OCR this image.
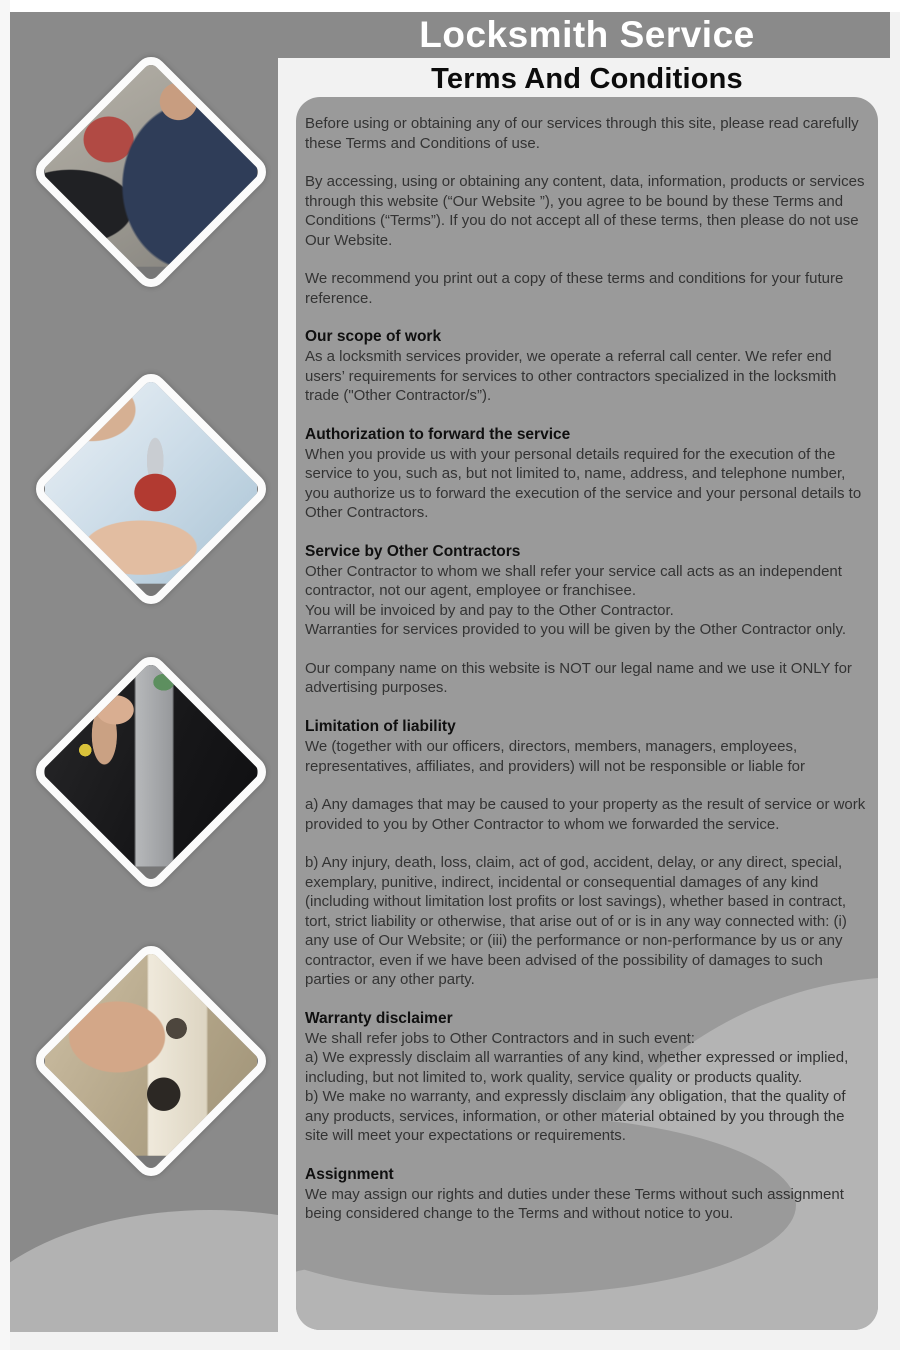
Locksmith Service
Terms And Conditions

Before using or obtaining any of our services through this site, please read carefully these Terms and Conditions of use.

By accessing, using or obtaining any content, data, information, products or services through this website (“Our Website ”), you agree to be bound by these Terms and Conditions (“Terms”). If you do not accept all of these terms, then please do not use Our Website.

We recommend you print out a copy of these terms and conditions for your future reference.

Our scope of work

As a locksmith services provider, we operate a referral call center. We refer end users’ requirements for services to other contractors specialized in the locksmith trade ("Other Contractor/s”).

Authorization to forward the service

When you provide us with your personal details required for the execution of the service to you, such as, but not limited to, name, address, and telephone number, you authorize us to forward the execution of the service and your personal details to Other Contractors.

Service by Other Contractors

Other Contractor to whom we shall refer your service call acts as an independent contractor, not our agent, employee or franchisee.

You will be invoiced by and pay to the Other Contractor.

Warranties for services provided to you will be given by the Other Contractor only.

Our company name on this website is NOT our legal name and we use it ONLY for advertising purposes.

Limitation of liability

We (together with our officers, directors, members, managers, employees, representatives, affiliates, and providers) will not be responsible or liable for

a) Any damages that may be caused to your property as the result of service or work provided to you by Other Contractor to whom we forwarded the service.

b) Any injury, death, loss, claim, act of god, accident, delay, or any direct, special, exemplary, punitive, indirect, incidental or consequential damages of any kind (including without limitation lost profits or lost savings), whether based in contract, tort, strict liability or otherwise, that arise out of or is in any way connected with: (i) any use of Our Website; or (iii) the performance or non-performance by us or any contractor, even if we have been advised of the possibility of damages to such parties or any other party.

Warranty disclaimer

We shall refer jobs to Other Contractors and in such event:

a) We expressly disclaim all warranties of any kind, whether expressed or implied, including, but not limited to, work quality, service quality or products quality.

b) We make no warranty, and expressly disclaim any obligation, that the quality of any products, services, information, or other material obtained by you through the site will meet your expectations or requirements.

Assignment

We may assign our rights and duties under these Terms without such assignment being considered change to the Terms and without notice to you.
